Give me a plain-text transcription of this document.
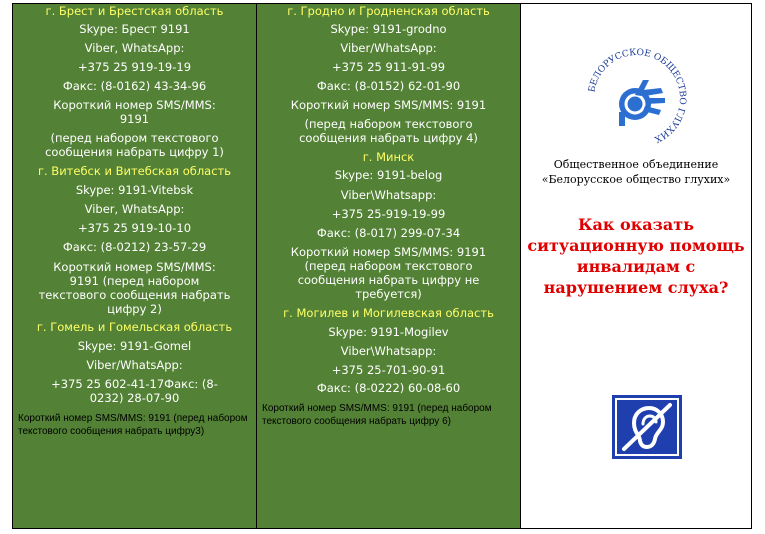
г. Брест и Брестская область
Skype: Брест 9191
Viber, WhatsApp:
+375 25 919-19-19
Факс: (8-0162) 43-34-96
Короткий номер SMS/MMS:
9191
(перед набором текстового
сообщения набрать цифру 1)
г. Витебск и Витебская область
Skype: 9191-Vitebsk
Viber, WhatsApp:
+375 25 919-10-10
Факс: (8-0212) 23-57-29
Короткий номер SMS/MMS:
9191 (перед набором
текстового сообщения набрать
цифру 2)
г. Гомель и Гомельская область
Skype: 9191-Gomel
Viber/WhatsApp:
+375 25 602-41-17Факс: (8-
0232) 28-07-90
Короткий номер SMS/MMS: 9191 (перед набором текстового сообщения набрать цифру3)
г. Гродно и Гродненская область
Skype: 9191-grodno
Viber/WhatsApp:
+375 25 911-91-99
Факс: (8-0152) 62-01-90
Короткий номер SMS/MMS: 9191
(перед набором текстового
сообщения набрать цифру 4)
г. Минск
Skype: 9191-belog
Viber\Whatsapp:
+375 25-919-19-99
Факс: (8-017) 299-07-34
Короткий номер SMS/MMS: 9191
(перед набором текстового
сообщения набрать цифру не
требуется)
г. Могилев и Могилевская область
Skype: 9191-Mogilev
Viber\Whatsapp:
+375 25-701-90-91
Факс: (8-0222) 60-08-60
Короткий номер SMS/MMS: 9191 (перед набором текстового сообщения набрать цифру 6)
БЕЛОРУССКОЕ ОБЩЕСТВО ГЛУХИХ
Общественное объединение
«Белорусское общество глухих»
Как оказать
ситуационную помощь
инвалидам с
нарушением слуха?
